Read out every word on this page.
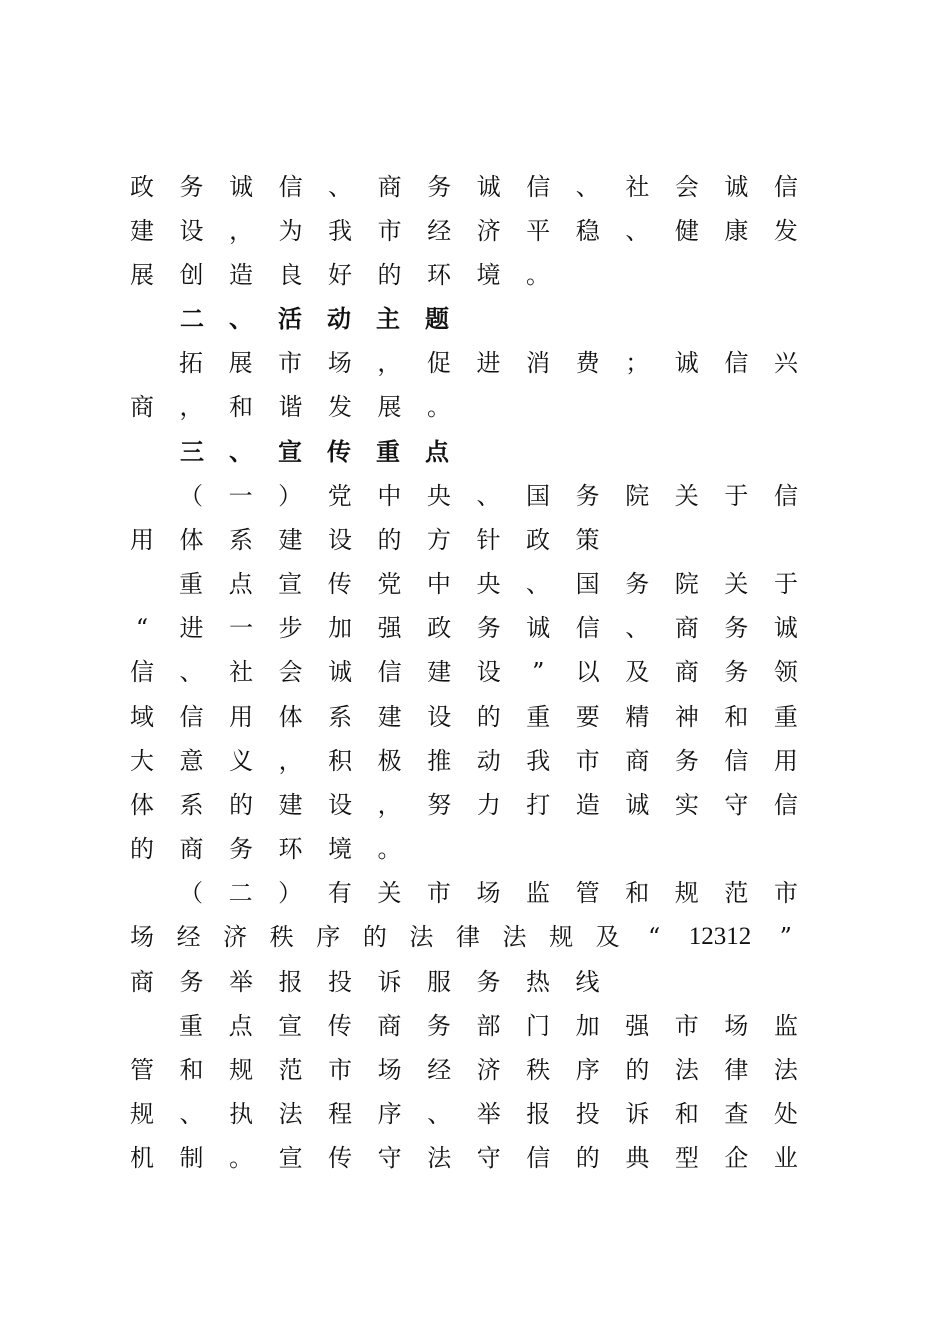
政 务 诚 信 、 商 务 诚 信 、 社 会 诚 信
建 设 ， 为 我 市 经 济 平 稳 、 健 康 发
展 创 造 良 好 的 环 境 。
二 、 活 动 主 题
拓 展 市 场 ， 促 进 消 费 ； 诚 信 兴
商 ， 和 谐 发 展 。
三 、 宣 传 重 点
（ 一 ） 党 中 央 、 国 务 院 关 于 信
用 体 系 建 设 的 方 针 政 策
重 点 宣 传 党 中 央 、 国 务 院 关 于
“ 进 一 步 加 强 政 务 诚 信 、 商 务 诚
信 、 社 会 诚 信 建 设 ” 以 及 商 务 领
域 信 用 体 系 建 设 的 重 要 精 神 和 重
大 意 义 ， 积 极 推 动 我 市 商 务 信 用
体 系 的 建 设 ， 努 力 打 造 诚 实 守 信
的 商 务 环 境 。
（ 二 ） 有 关 市 场 监 管 和 规 范 市
场 经 济 秩 序 的 法 律 法 规 及 “ 12312 ”
商 务 举 报 投 诉 服 务 热 线
重 点 宣 传 商 务 部 门 加 强 市 场 监
管 和 规 范 市 场 经 济 秩 序 的 法 律 法
规 、 执 法 程 序 、 举 报 投 诉 和 查 处
机 制 。 宣 传 守 法 守 信 的 典 型 企 业
